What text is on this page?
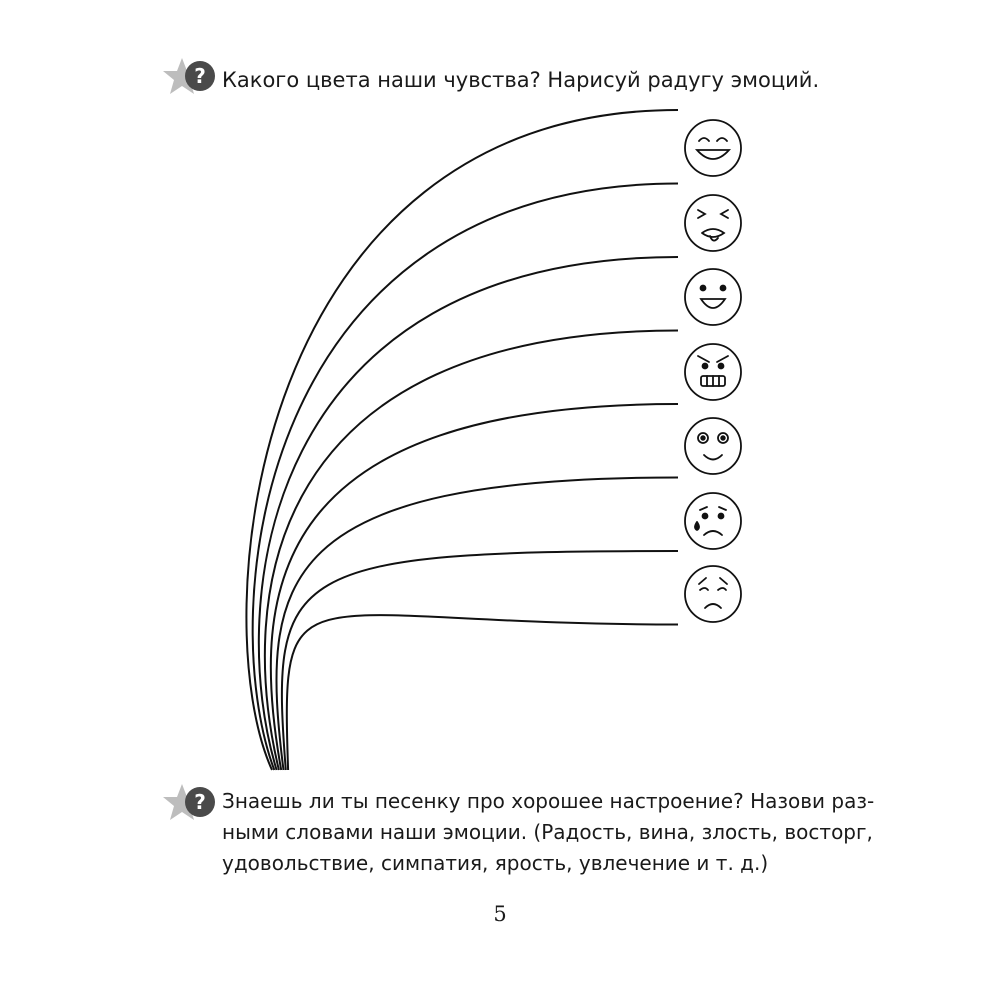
? Какого цвета наши чувства? Нарисуй радугу эмоций.
? Знаешь ли ты песенку про хорошее настроение? Назови раз-
ными словами наши эмоции. (Радость, вина, злость, восторг,
удовольствие, симпатия, ярость, увлечение и т. д.)
5
